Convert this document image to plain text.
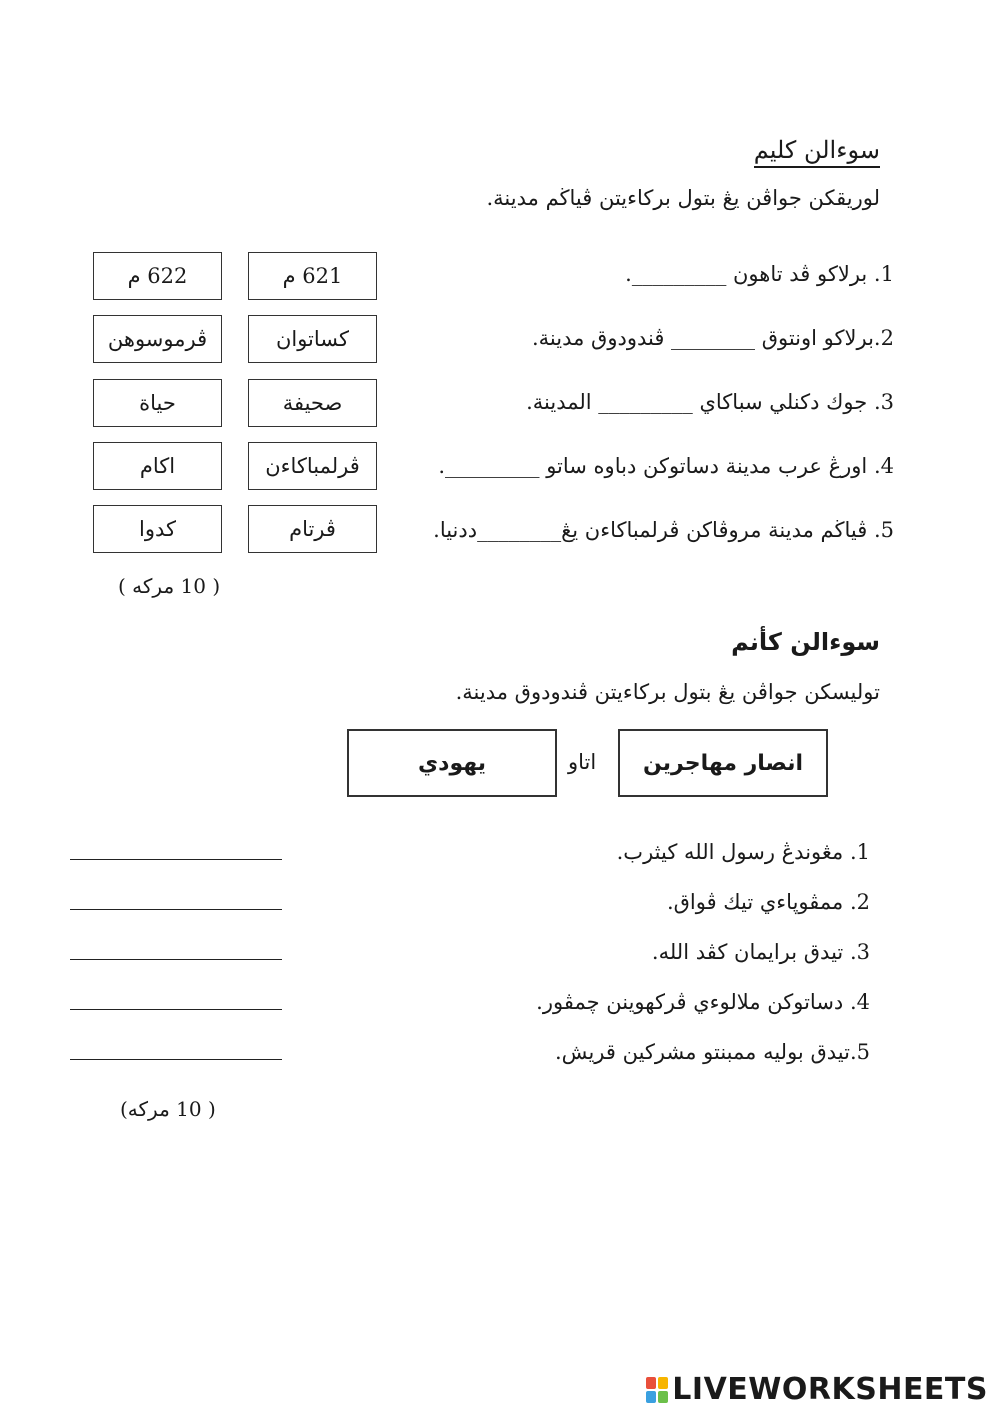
سوءالن كليم
لوريقكن جواڤن يڠ بتول برکاءيتن ڤياڬم مدينة.
1. برلاکو ڤد تاهون _________.
2.برلاکو اونتوق ________ ڤندودوق مدينة.
3. جوك دکنلي سباکاي _________ المدينة.
4. اورڠ عرب مدينة دساتوکن دباوه ساتو _________.
5. ڤياڬم مدينة مروڤاکن ڤرلمباکاءن يڠ________ددنيا.
621 م
622 م
کساتوان
ڤرموسوهن
صحيفة
حياة
ڤرلمباکاءن
اکام
ڤرتام
کدوا
( 10 مرکه )
سوءالن کأنم
توليسکن جواڤن يڠ بتول برکاءيتن ڤندودوق مدينة.
انصار مهاجرين
اتاو
يهودي
1. مڠوندڠ رسول الله کيثرب.
2. ممڤوڽاءي تيك ڤواق.
3. تيدق برايمان کڤد الله.
4. دساتوکن ملالوءي ڤرکهوينن چمڤور.
5.تيدق بوليه ممبنتو مشرکين قريش.
( 10 مرکه)
LIVEWORKSHEETS
